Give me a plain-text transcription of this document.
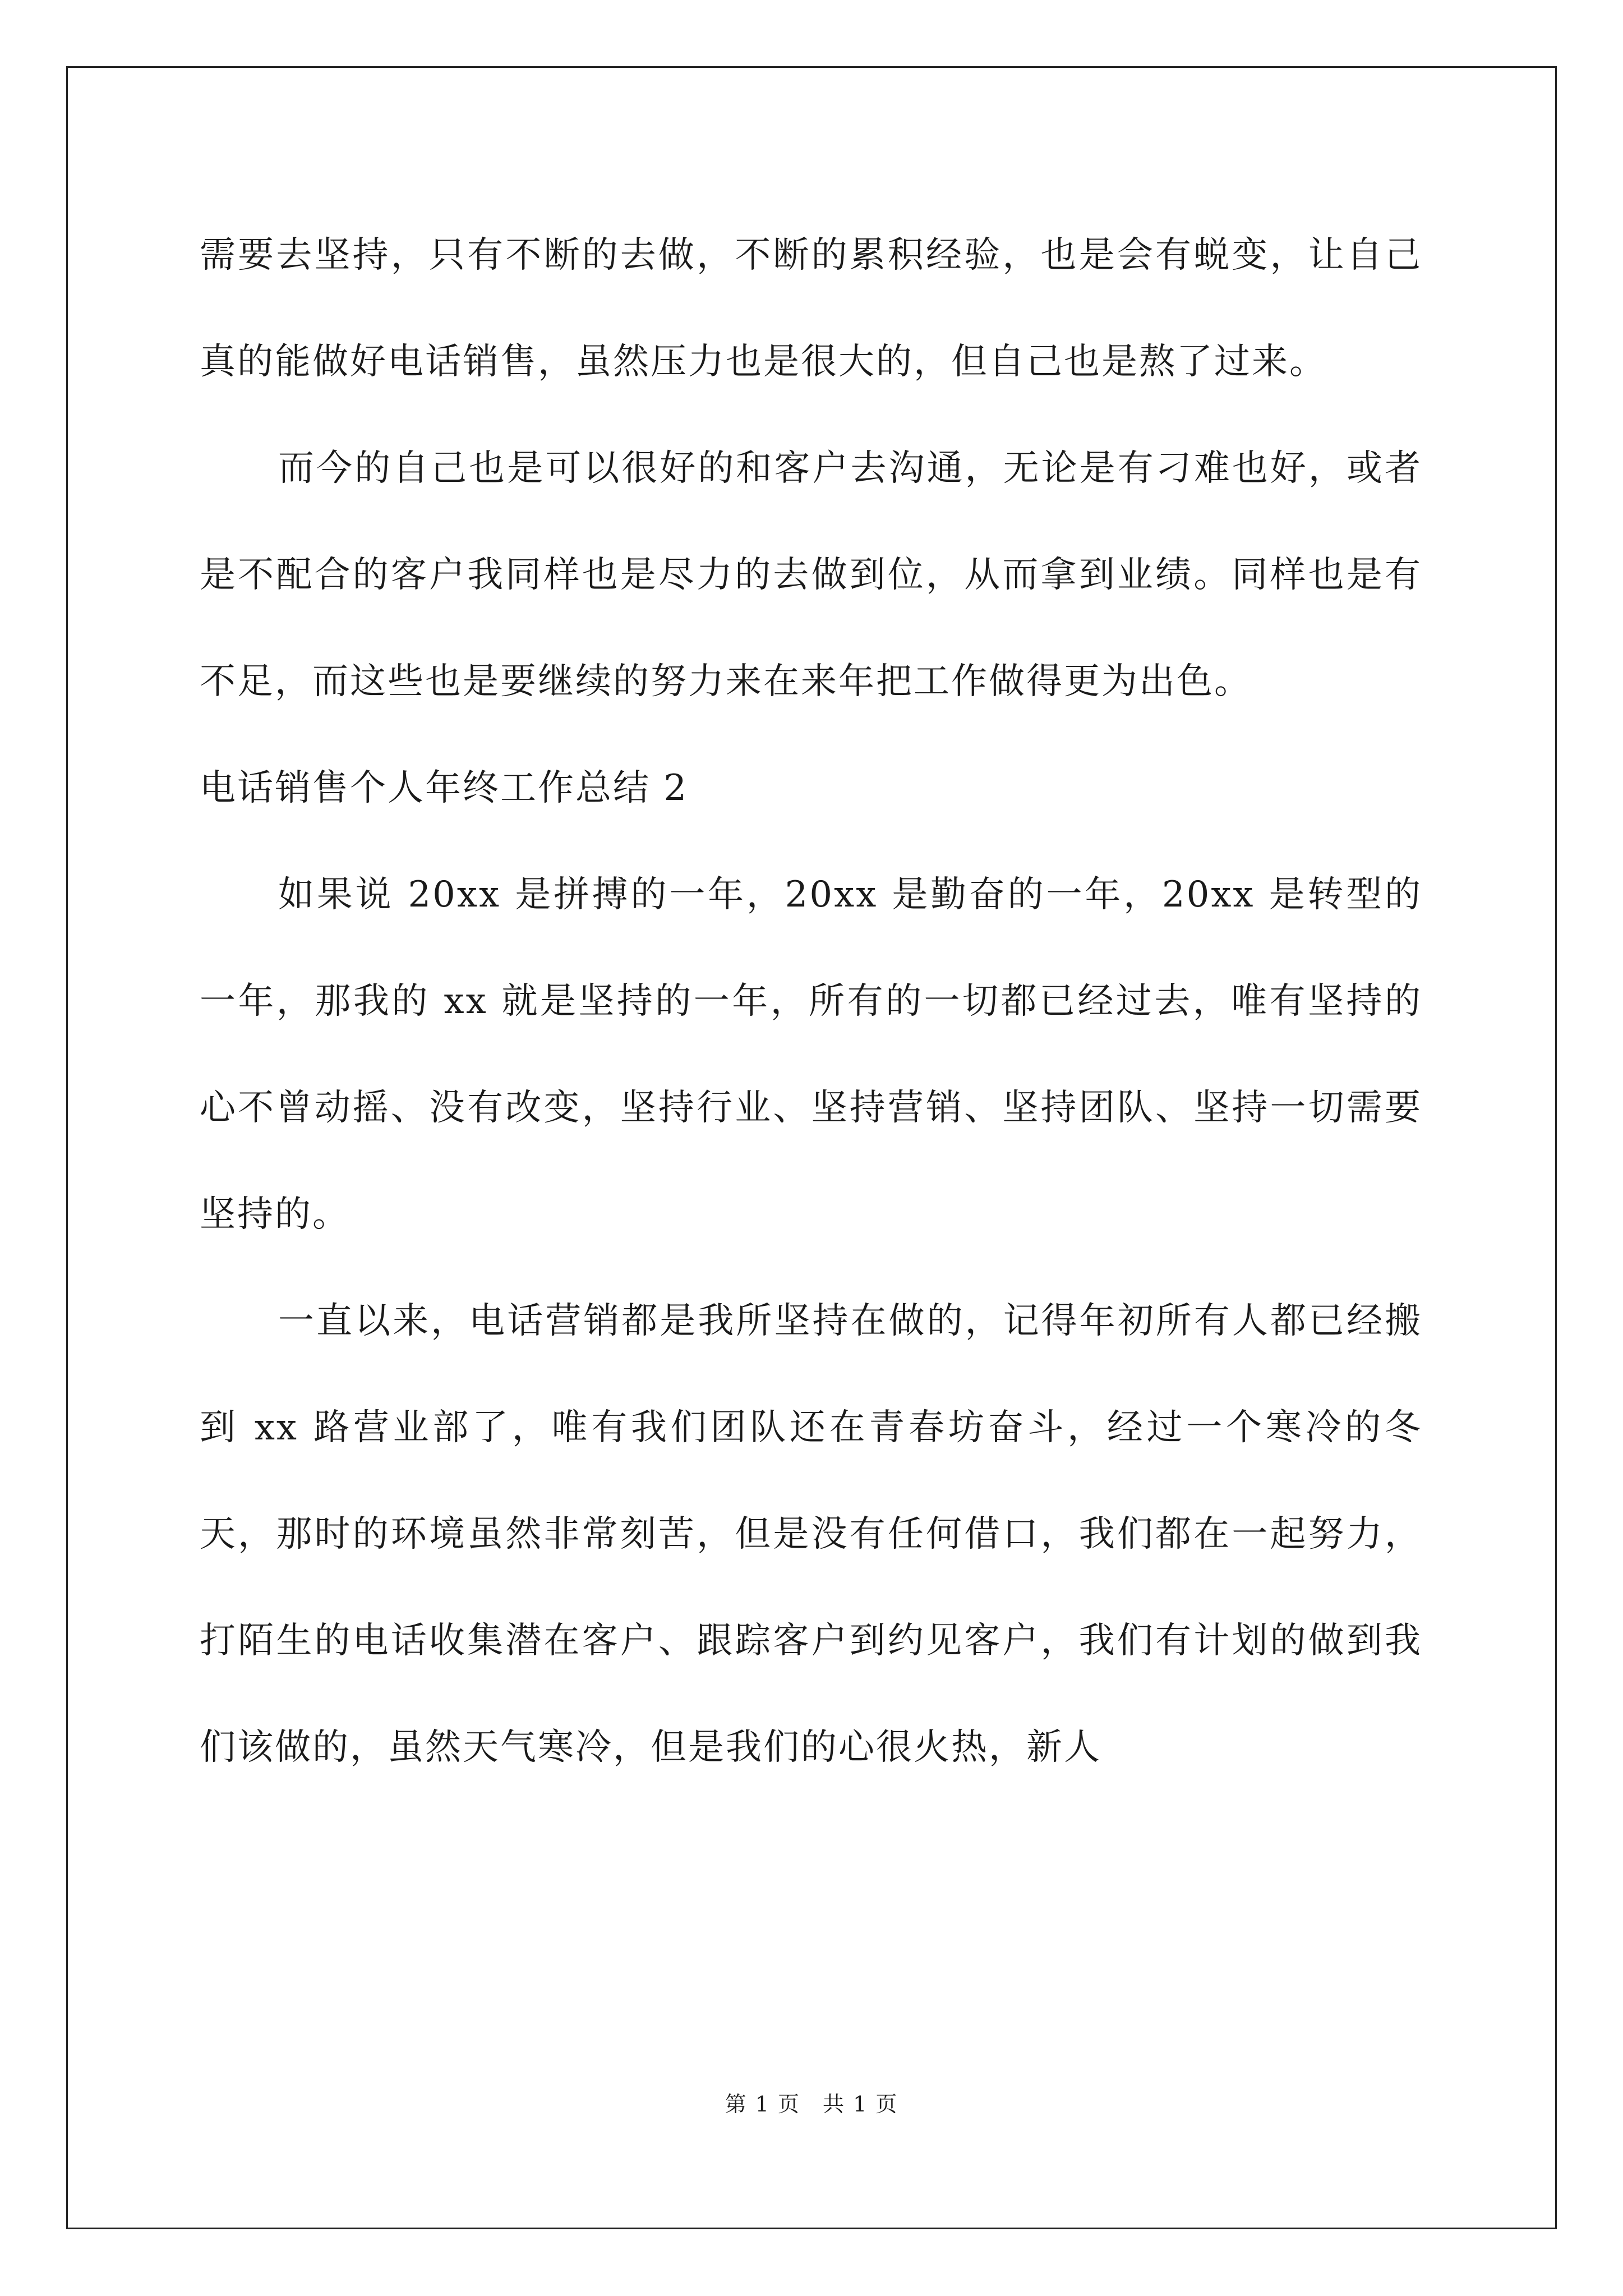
需要去坚持，只有不断的去做，不断的累积经验，也是会有蜕变，让自己真的能做好电话销售，虽然压力也是很大的，但自己也是熬了过来。

而今的自己也是可以很好的和客户去沟通，无论是有刁难也好，或者是不配合的客户我同样也是尽力的去做到位，从而拿到业绩。同样也是有不足，而这些也是要继续的努力来在来年把工作做得更为出色。

电话销售个人年终工作总结 2

如果说 20xx 是拼搏的一年，20xx 是勤奋的一年，20xx 是转型的一年，那我的 xx 就是坚持的一年，所有的一切都已经过去，唯有坚持的心不曾动摇、没有改变，坚持行业、坚持营销、坚持团队、坚持一切需要坚持的。

一直以来，电话营销都是我所坚持在做的，记得年初所有人都已经搬到 xx 路营业部了，唯有我们团队还在青春坊奋斗，经过一个寒冷的冬天，那时的环境虽然非常刻苦，但是没有任何借口，我们都在一起努力，打陌生的电话收集潜在客户、跟踪客户到约见客户，我们有计划的做到我们该做的，虽然天气寒冷，但是我们的心很火热，新人

第 1 页 共 1 页
